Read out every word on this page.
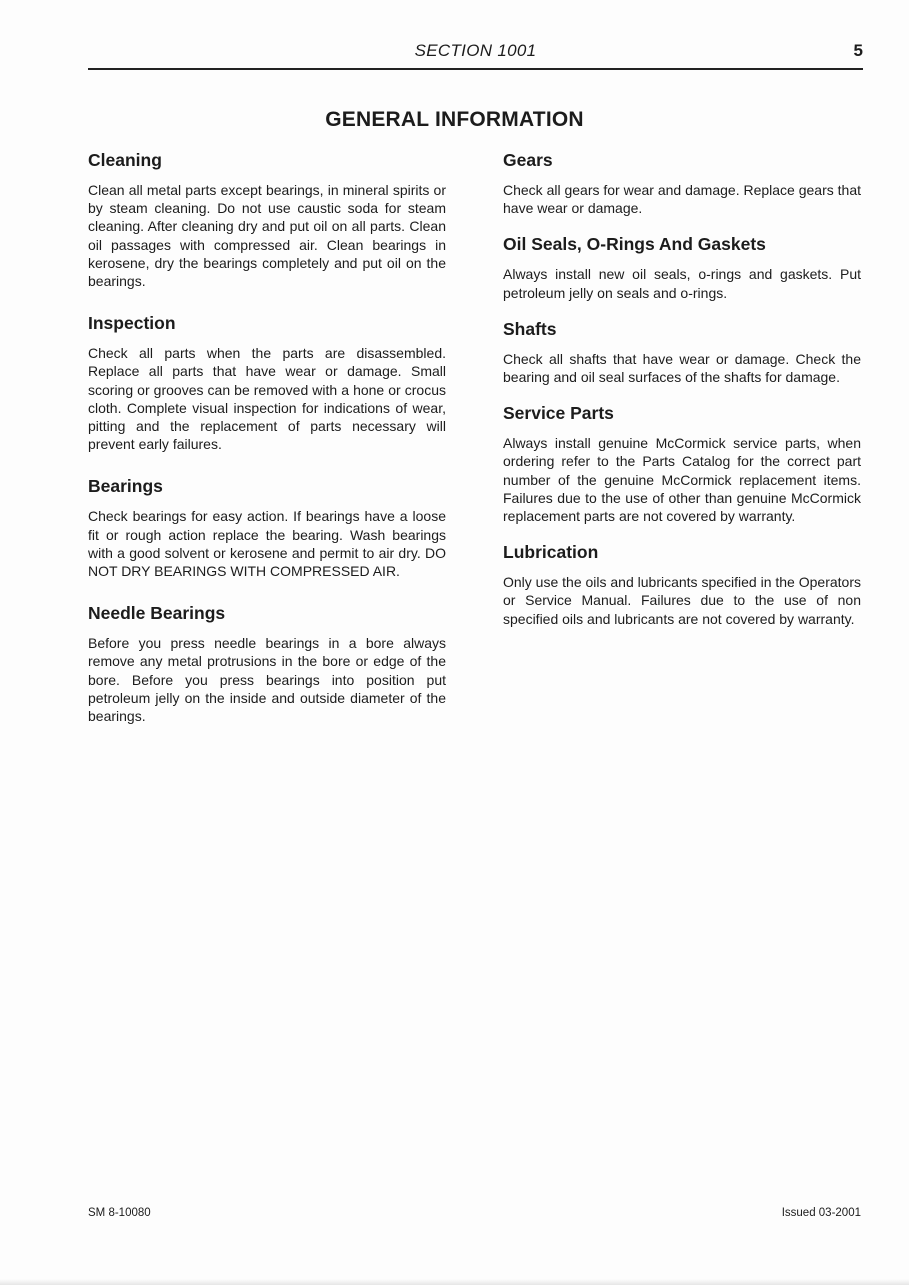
SECTION 1001	5
GENERAL INFORMATION
Cleaning

Clean all metal parts except bearings, in mineral spirits or by steam cleaning. Do not use caustic soda for steam cleaning. After cleaning dry and put oil on all parts. Clean oil passages with compressed air. Clean bearings in kerosene, dry the bearings completely and put oil on the bearings.

Inspection

Check all parts when the parts are disassembled. Replace all parts that have wear or damage. Small scoring or grooves can be removed with a hone or crocus cloth. Complete visual inspection for indications of wear, pitting and the replacement of parts necessary will prevent early failures.

Bearings

Check bearings for easy action. If bearings have a loose fit or rough action replace the bearing. Wash bearings with a good solvent or kerosene and permit to air dry. DO NOT DRY BEARINGS WITH COMPRESSED AIR.

Needle Bearings

Before you press needle bearings in a bore always remove any metal protrusions in the bore or edge of the bore. Before you press bearings into position put petroleum jelly on the inside and outside diameter of the bearings.

Gears

Check all gears for wear and damage. Replace gears that have wear or damage.

Oil Seals, O-Rings And Gaskets

Always install new oil seals, o-rings and gaskets. Put petroleum jelly on seals and o-rings.

Shafts

Check all shafts that have wear or damage. Check the bearing and oil seal surfaces of the shafts for damage.

Service Parts

Always install genuine McCormick service parts, when ordering refer to the Parts Catalog for the correct part number of the genuine McCormick replacement items. Failures due to the use of other than genuine McCormick replacement parts are not covered by warranty.

Lubrication

Only use the oils and lubricants specified in the Operators or Service Manual. Failures due to the use of non specified oils and lubricants are not covered by warranty.

SM 8-10080	Issued 03-2001
